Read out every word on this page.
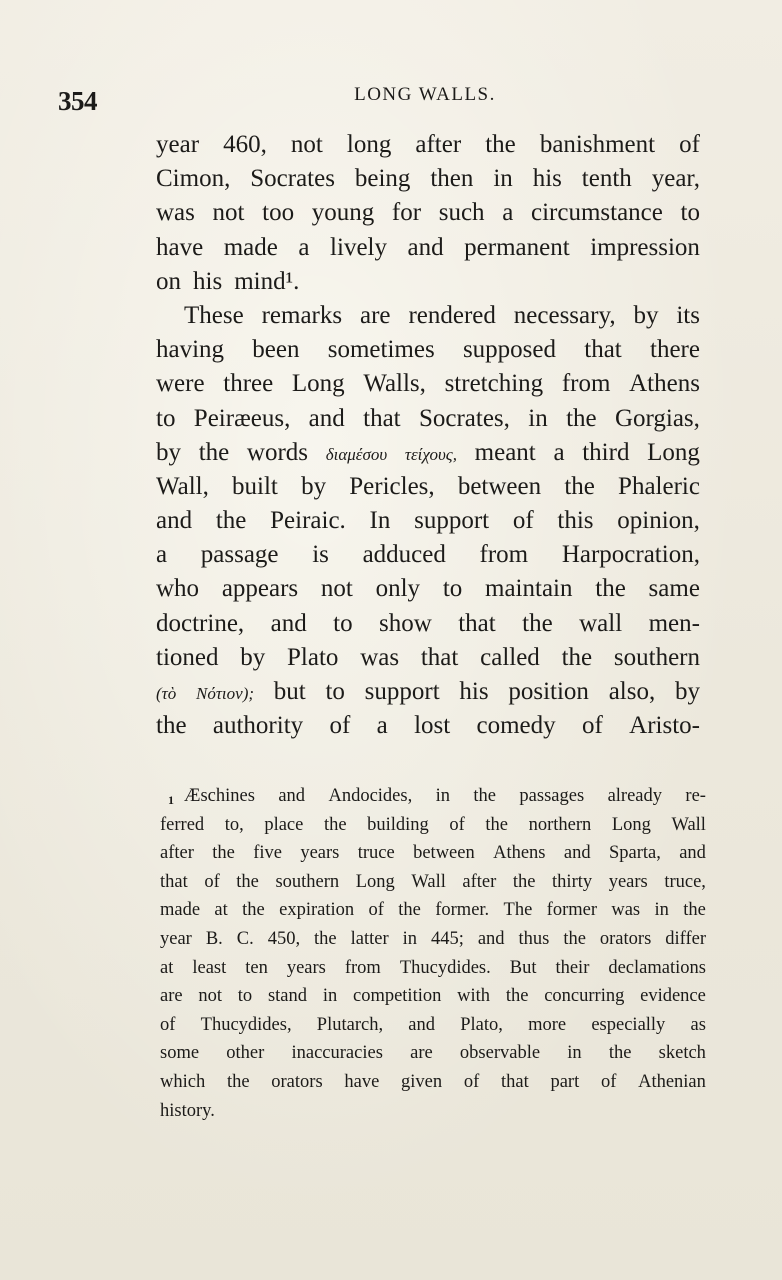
354	LONG WALLS.
year 460, not long after the banishment of
Cimon, Socrates being then in his tenth year,
was not too young for such a circumstance to
have made a lively and permanent impression
on his mind¹.
These remarks are rendered necessary, by its
having been sometimes supposed that there
were three Long Walls, stretching from Athens
to Peiræeus, and that Socrates, in the Gorgias,
by the words διαμέσου τείχους, meant a third Long
Wall, built by Pericles, between the Phaleric
and the Peiraic. In support of this opinion,
a passage is adduced from Harpocration,
who appears not only to maintain the same
doctrine, and to show that the wall men-
tioned by Plato was that called the southern
(τὸ Νότιον); but to support his position also, by
the authority of a lost comedy of Aristo-
Æschines and Andocides, in the passages already re-
ferred to, place the building of the northern Long Wall
after the five years truce between Athens and Sparta, and
that of the southern Long Wall after the thirty years truce,
made at the expiration of the former. The former was in the
year B. C. 450, the latter in 445; and thus the orators differ
at least ten years from Thucydides. But their declamations
are not to stand in competition with the concurring evidence
of Thucydides, Plutarch, and Plato, more especially as
some other inaccuracies are observable in the sketch
which the orators have given of that part of Athenian
history.
1
